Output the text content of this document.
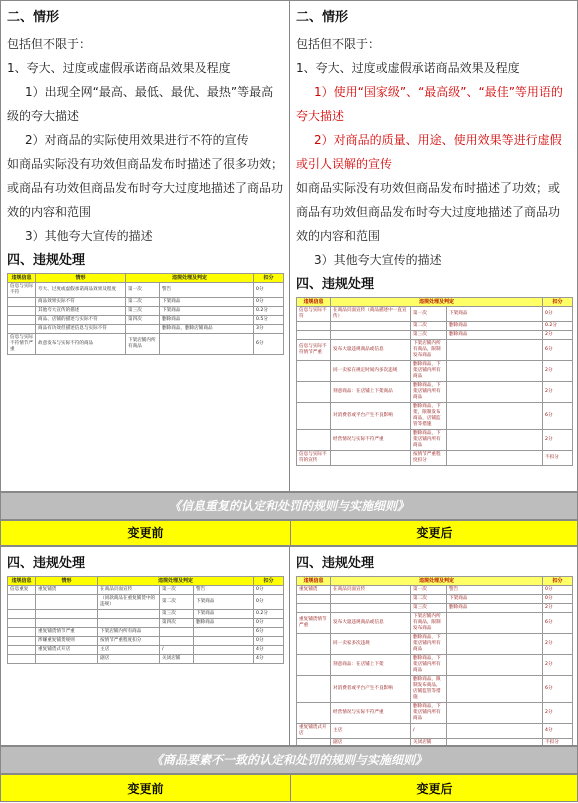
二、情形
包括但不限于：
1、夸大、过度或虚假承诺商品效果及程度
1）出现全网“最高、最低、最优、最热”等最高级的夸大描述
2）对商品的实际使用效果进行不符的宣传
如商品实际没有功效但商品发布时描述了很多功效；或商品有功效但商品发布时夸大过度地描述了商品功效的内容和范围
3）其他夸大宣传的描述
四、违规处理
违规信息	情形	违规处理及判定		扣分
信息与实际不符	夸大、过度或虚假承诺商品效果及程度	第一次	警告	0分
	商品效果实际不符	第二次	下架商品	0分
	其他夸大宣传的描述	第三次	下架商品	0.2分
	商品、店铺的描述与实际不符	第四次	删除商品	0.5分
	商品有功效但描述信息与实际不符		删除商品，删除店铺商品	3分
信息与实际不符情节严重	故意发布与实际不符的商品	下架店铺内所有商品		6分
二、情形
包括但不限于：
1、夸大、过度或虚假承诺商品效果及程度
1）使用“国家级”、“最高级”、“最佳”等用语的夸大描述
2）对商品的质量、用途、使用效果等进行虚假或引人误解的宣传
如商品实际没有功效但商品发布时描述了功效；或商品有功效但商品发布时夸大过度地描述了商品功效的内容和范围
3）其他夸大宣传的描述
四、违规处理
违规信息	违规处理及判定			扣分
信息与实际不符	在商品页面宣传（商品描述中一直宣传）	第一次	下架商品	0分
		第二次	删除商品	0.2分
		第三次	删除商品	2分
信息与实际不符情节严重	发布大量违规商品或信息	下架店铺内所有商品，限制发布商品		6分
	同一卖家在规定时间内多次违规	删除商品，下架店铺内所有商品		2分
	刻意商品：在店铺上下架商品	删除商品，下架店铺内所有商品		2分
	对消费者或平台产生不良影响	删除商品，下架，限制发布商品，店铺监管等措施		6分
	经营情况与实际不符严重	删除商品，下架店铺内所有商品		2分
信息与实际不符的宣传		按情节严重程度扣分		不扣分
《信息重复的认定和处罚的规则与实施细则》
变更前	变更后
四、违规处理
违规信息	情形	违规处理及判定			扣分
信息重复	重复铺货	在商品页面宣传	第一次	警告	0分
		（同款商品在重复铺货中的违规）	第二次	下架商品	0分
			第三次	下架商品	0.2分
			第四次	删除商品	0分
	重复铺货情节严重	下架店铺内所有商品			6分
	涉嫌重复铺货规则	按情节严重程度扣分			0分
	重复铺货式开店	主店	/		4分
		副店	关闭店铺		4分
四、违规处理
违规信息	违规处理及判定			扣分
重复铺货	在商品页面宣传	第一次	警告	0分
		第二次	下架商品	0分
		第三次	删除商品	2分
重复铺货情节严重	发布大量违规商品或信息	下架店铺内所有商品，限制发布商品		6分
	同一卖家多次违规	删除商品，下架店铺内所有商品		2分
	刻意商品：在店铺上下架	删除商品，下架店铺内所有商品		2分
	对消费者或平台产生不良影响	删除商品，限制发布商品，店铺监管等措施		6分
	经营情况与实际不符严重	删除商品，下架店铺内所有商品		2分
重复铺货式开店	主店	/		4分
	副店	关闭店铺		不扣分
《商品要素不一致的认定和处罚的规则与实施细则》
变更前	变更后
